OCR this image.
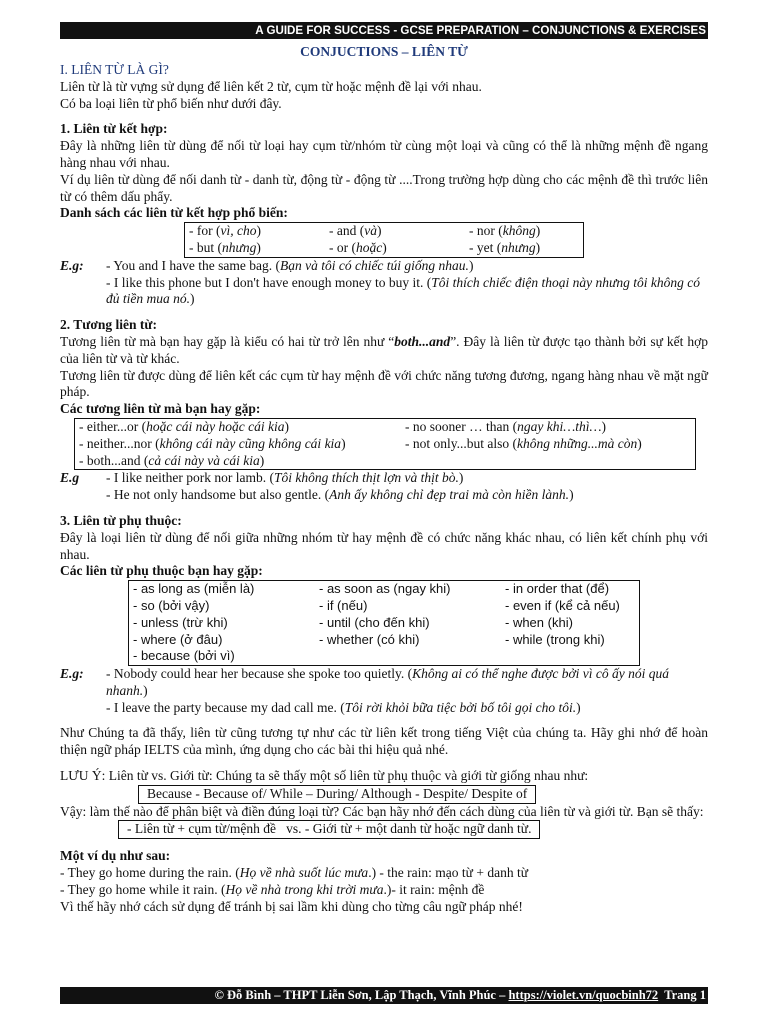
A GUIDE FOR SUCCESS - GCSE PREPARATION – CONJUNCTIONS & EXERCISES
CONJUCTIONS – LIÊN TỪ

I. LIÊN TỪ LÀ GÌ?

Liên từ là từ vựng sử dụng để liên kết 2 từ, cụm từ hoặc mệnh đề lại với nhau.

Có ba loại liên từ phổ biến như dưới đây.

1. Liên từ kết hợp:

Đây là những liên từ dùng để nối từ loại hay cụm từ/nhóm từ cùng một loại và cũng có thể là những mệnh đề ngang hàng nhau với nhau.

Ví dụ liên từ dùng để nối danh từ - danh từ, động từ - động từ ....Trong trường hợp dùng cho các mệnh đề thì trước liên từ có thêm dấu phẩy.

Danh sách các liên từ kết hợp phổ biến:

- for (vì, cho)	- and (và)	- nor (không)
- but (nhưng)	- or (hoặc)	- yet (nhưng)
E.g:	- You and I have the same bag. (Bạn và tôi có chiếc túi giống nhau.)
- I like this phone but I don't have enough money to buy it. (Tôi thích chiếc điện thoại này nhưng tôi không có đủ tiền mua nó.)

2. Tương liên từ:

Tương liên từ mà bạn hay gặp là kiểu có hai từ trở lên như “both...and”. Đây là liên từ được tạo thành bởi sự kết hợp của liên từ và từ khác.

Tương liên từ được dùng để liên kết các cụm từ hay mệnh đề với chức năng tương đương, ngang hàng nhau về mặt ngữ pháp.

Các tương liên từ mà bạn hay gặp:

- either...or (hoặc cái này hoặc cái kia)	- no sooner … than (ngay khi…thì…)
- neither...nor (không cái này cũng không cái kia)	- not only...but also (không những...mà còn)
- both...and (cả cái này và cái kia)
E.g	- I like neither pork nor lamb. (Tôi không thích thịt lợn và thịt bò.)
- He not only handsome but also gentle. (Anh ấy không chỉ đẹp trai mà còn hiền lành.)

3. Liên từ phụ thuộc:

Đây là loại liên từ dùng để nối giữa những nhóm từ hay mệnh đề có chức năng khác nhau, có liên kết chính phụ với nhau.

Các liên từ phụ thuộc bạn hay gặp:

- as long as (miễn là)	- as soon as (ngay khi)	- in order that (để)
- so (bởi vậy)	- if (nếu)	- even if (kể cả nếu)
- unless (trừ khi)	- until (cho đến khi)	- when (khi)
- where (ở đâu)	- whether (có khi)	- while (trong khi)
- because (bởi vì)
E.g:	- Nobody could hear her because she spoke too quietly. (Không ai có thể nghe được bởi vì cô ấy nói quá nhanh.)
- I leave the party because my dad call me. (Tôi rời khỏi bữa tiệc bởi bố tôi gọi cho tôi.)

Như Chúng ta đã thấy, liên từ cũng tương tự như các từ liên kết trong tiếng Việt của chúng ta. Hãy ghi nhớ để hoàn thiện ngữ pháp IELTS của mình, ứng dụng cho các bài thi hiệu quả nhé.

LƯU Ý: Liên từ vs. Giới từ: Chúng ta sẽ thấy một số liên từ phụ thuộc và giới từ giống nhau như:

Because - Because of/ While – During/ Although - Despite/ Despite of

Vậy: làm thế nào để phân biệt và điền đúng loại từ? Các bạn hãy nhớ đến cách dùng của liên từ và giới từ. Bạn sẽ thấy:

- Liên từ + cụm từ/mệnh đề   vs. - Giới từ + một danh từ hoặc ngữ danh từ.

Một ví dụ như sau:

- They go home during the rain. (Họ về nhà suốt lúc mưa.) - the rain: mạo từ + danh từ

- They go home while it rain. (Họ về nhà trong khi trời mưa.)- it rain: mệnh đề

Vì thế hãy nhớ cách sử dụng để tránh bị sai lầm khi dùng cho từng câu ngữ pháp nhé!

© Đỗ Bình – THPT Liễn Sơn, Lập Thạch, Vĩnh Phúc – https://violet.vn/quocbinh72  Trang 1
